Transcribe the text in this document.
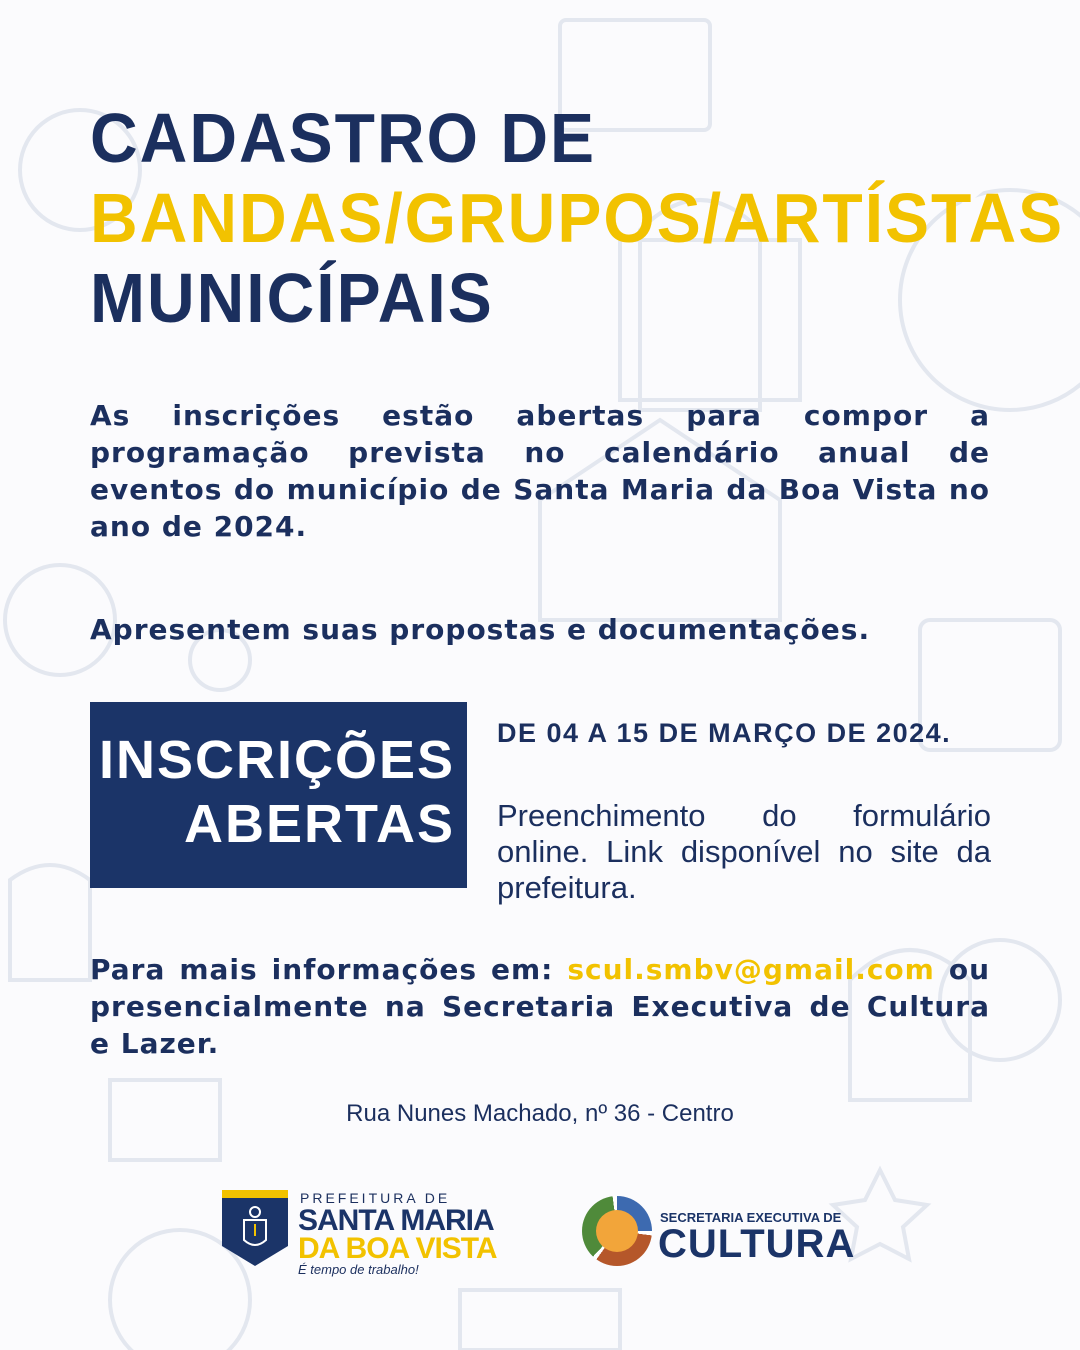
CADASTRO DE
BANDAS/GRUPOS/ARTÍSTAS
MUNICÍPAIS

As inscrições estão abertas para compor a programação prevista no calendário anual de eventos do município de Santa Maria da Boa Vista no ano de 2024.

Apresentem suas propostas e documentações.

INSCRIÇÕES
ABERTAS
DE 04 A 15 DE MARÇO DE 2024.

Preenchimento do formulário online. Link disponível no site da prefeitura.

Para mais informações em: scul.smbv@gmail.com ou presencialmente na Secretaria Executiva de Cultura e Lazer.

Rua Nunes Machado, nº 36 - Centro
PREFEITURA DE
SANTA MARIA
DA BOA VISTA
É tempo de trabalho!
SECRETARIA EXECUTIVA DE
CULTURA
